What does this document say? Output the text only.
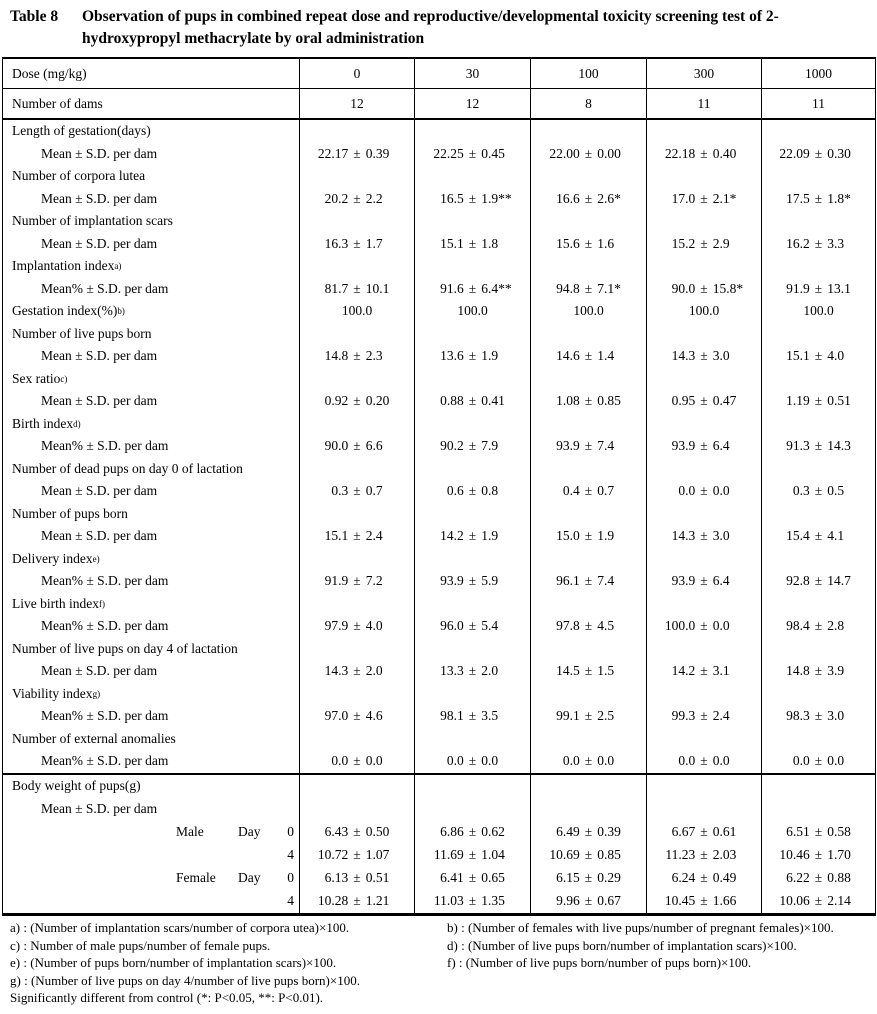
Table 8	Observation of pups in combined repeat dose and reproductive/developmental toxicity screening test of 2-hydroxypropyl methacrylate by oral administration
Dose (mg/kg)	0	30	100	300	1000
Number of dams	12	12	8	11	11
Length of gestation(days)
Mean ± S.D. per dam	22.17 ± 0.39	22.25 ± 0.45	22.00 ± 0.00	22.18 ± 0.40	22.09 ± 0.30
Number of corpora lutea
Mean ± S.D. per dam	20.2 ± 2.2	16.5 ± 1.9**	16.6 ± 2.6*	17.0 ± 2.1*	17.5 ± 1.8*
Number of implantation scars
Mean ± S.D. per dam	16.3 ± 1.7	15.1 ± 1.8	15.6 ± 1.6	15.2 ± 2.9	16.2 ± 3.3
Implantation index a)
Mean% ± S.D. per dam	81.7 ± 10.1	91.6 ± 6.4**	94.8 ± 7.1*	90.0 ± 15.8*	91.9 ± 13.1
Gestation index(%) b)	100.0	100.0	100.0	100.0	100.0
Number of live pups born
Mean ± S.D. per dam	14.8 ± 2.3	13.6 ± 1.9	14.6 ± 1.4	14.3 ± 3.0	15.1 ± 4.0
Sex ratio c)
Mean ± S.D. per dam	0.92 ± 0.20	0.88 ± 0.41	1.08 ± 0.85	0.95 ± 0.47	1.19 ± 0.51
Birth index d)
Mean% ± S.D. per dam	90.0 ± 6.6	90.2 ± 7.9	93.9 ± 7.4	93.9 ± 6.4	91.3 ± 14.3
Number of dead pups on day 0 of lactation
Mean ± S.D. per dam	0.3 ± 0.7	0.6 ± 0.8	0.4 ± 0.7	0.0 ± 0.0	0.3 ± 0.5
Number of pups born
Mean ± S.D. per dam	15.1 ± 2.4	14.2 ± 1.9	15.0 ± 1.9	14.3 ± 3.0	15.4 ± 4.1
Delivery index e)
Mean% ± S.D. per dam	91.9 ± 7.2	93.9 ± 5.9	96.1 ± 7.4	93.9 ± 6.4	92.8 ± 14.7
Live birth index f)
Mean% ± S.D. per dam	97.9 ± 4.0	96.0 ± 5.4	97.8 ± 4.5	100.0 ± 0.0	98.4 ± 2.8
Number of live pups on day 4 of lactation
Mean ± S.D. per dam	14.3 ± 2.0	13.3 ± 2.0	14.5 ± 1.5	14.2 ± 3.1	14.8 ± 3.9
Viability index g)
Mean% ± S.D. per dam	97.0 ± 4.6	98.1 ± 3.5	99.1 ± 2.5	99.3 ± 2.4	98.3 ± 3.0
Number of external anomalies
Mean% ± S.D. per dam	0.0 ± 0.0	0.0 ± 0.0	0.0 ± 0.0	0.0 ± 0.0	0.0 ± 0.0
Body weight of pups(g)
Mean ± S.D. per dam
Male	Day	0	6.43 ± 0.50	6.86 ± 0.62	6.49 ± 0.39	6.67 ± 0.61	6.51 ± 0.58
4	10.72 ± 1.07	11.69 ± 1.04	10.69 ± 0.85	11.23 ± 2.03	10.46 ± 1.70
Female	Day	0	6.13 ± 0.51	6.41 ± 0.65	6.15 ± 0.29	6.24 ± 0.49	6.22 ± 0.88
4	10.28 ± 1.21	11.03 ± 1.35	9.96 ± 0.67	10.45 ± 1.66	10.06 ± 2.14
a) : (Number of implantation scars/number of corpora utea)×100.	b) : (Number of females with live pups/number of pregnant females)×100.
c) : Number of male pups/number of female pups.	d) : (Number of live pups born/number of implantation scars)×100.
e) : (Number of pups born/number of implantation scars)×100.	f) : (Number of live pups born/number of pups born)×100.
g) : (Number of live pups on day 4/number of live pups born)×100.
Significantly different from control (*: P<0.05, **: P<0.01).
